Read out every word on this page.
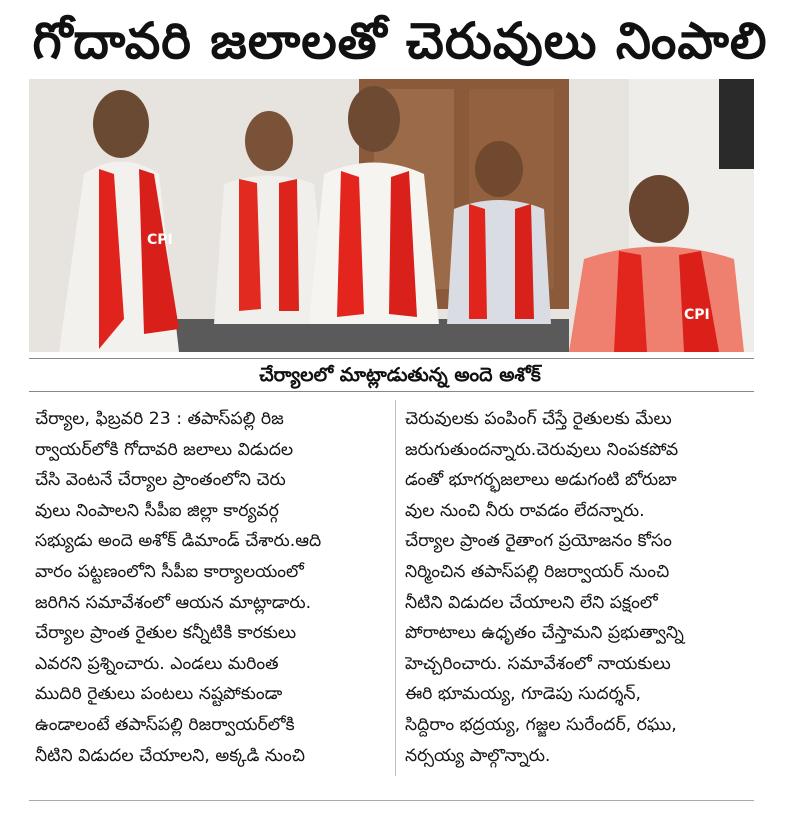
గోదావరి జలాలతో చెరువులు నింపాలి
CPI
CPI
చేర్యాలలో మాట్లాడుతున్న అందె అశోక్
చేర్యాల, ఫిబ్రవరి 23 : తపాస్‌పల్లి రిజ
ర్వాయర్‌లోకి గోదావరి జలాలు విడుదల
చేసి వెంటనే చేర్యాల ప్రాంతంలోని చెరు
వులు నింపాలని సీపీఐ జిల్లా కార్యవర్గ
సభ్యుడు అందె అశోక్ డిమాండ్ చేశారు.ఆది
వారం పట్టణంలోని సీపీఐ కార్యాలయంలో
జరిగిన సమావేశంలో ఆయన మాట్లాడారు.
చేర్యాల ప్రాంత రైతుల కన్నీటికి కారకులు
ఎవరని ప్రశ్నించారు. ఎండలు మరింత
ముదిరి రైతులు పంటలు నష్టపోకుండా
ఉండాలంటే తపాస్‌పల్లి రిజర్వాయర్‌లోకి
నీటిని విడుదల చేయాలని, అక్కడి నుంచి
చెరువులకు పంపింగ్ చేస్తే రైతులకు మేలు
జరుగుతుందన్నారు.చెరువులు నింపకపోవ
డంతో భూగర్భజలాలు అడుగంటి బోరుబా
వుల నుంచి నీరు రావడం లేదన్నారు.
చేర్యాల ప్రాంత రైతాంగ ప్రయోజనం కోసం
నిర్మించిన తపాస్‌పల్లి రిజర్వాయర్ నుంచి
నీటిని విడుదల చేయాలని లేని పక్షంలో
పోరాటాలు ఉధృతం చేస్తామని ప్రభుత్వాన్ని
హెచ్చరించారు. సమావేశంలో నాయకులు
ఈరి భూమయ్య, గూడెపు సుదర్శన్,
సిద్దిరాం భద్రయ్య, గజ్జల సురేందర్, రఘు,
నర్సయ్య పాల్గొన్నారు.
